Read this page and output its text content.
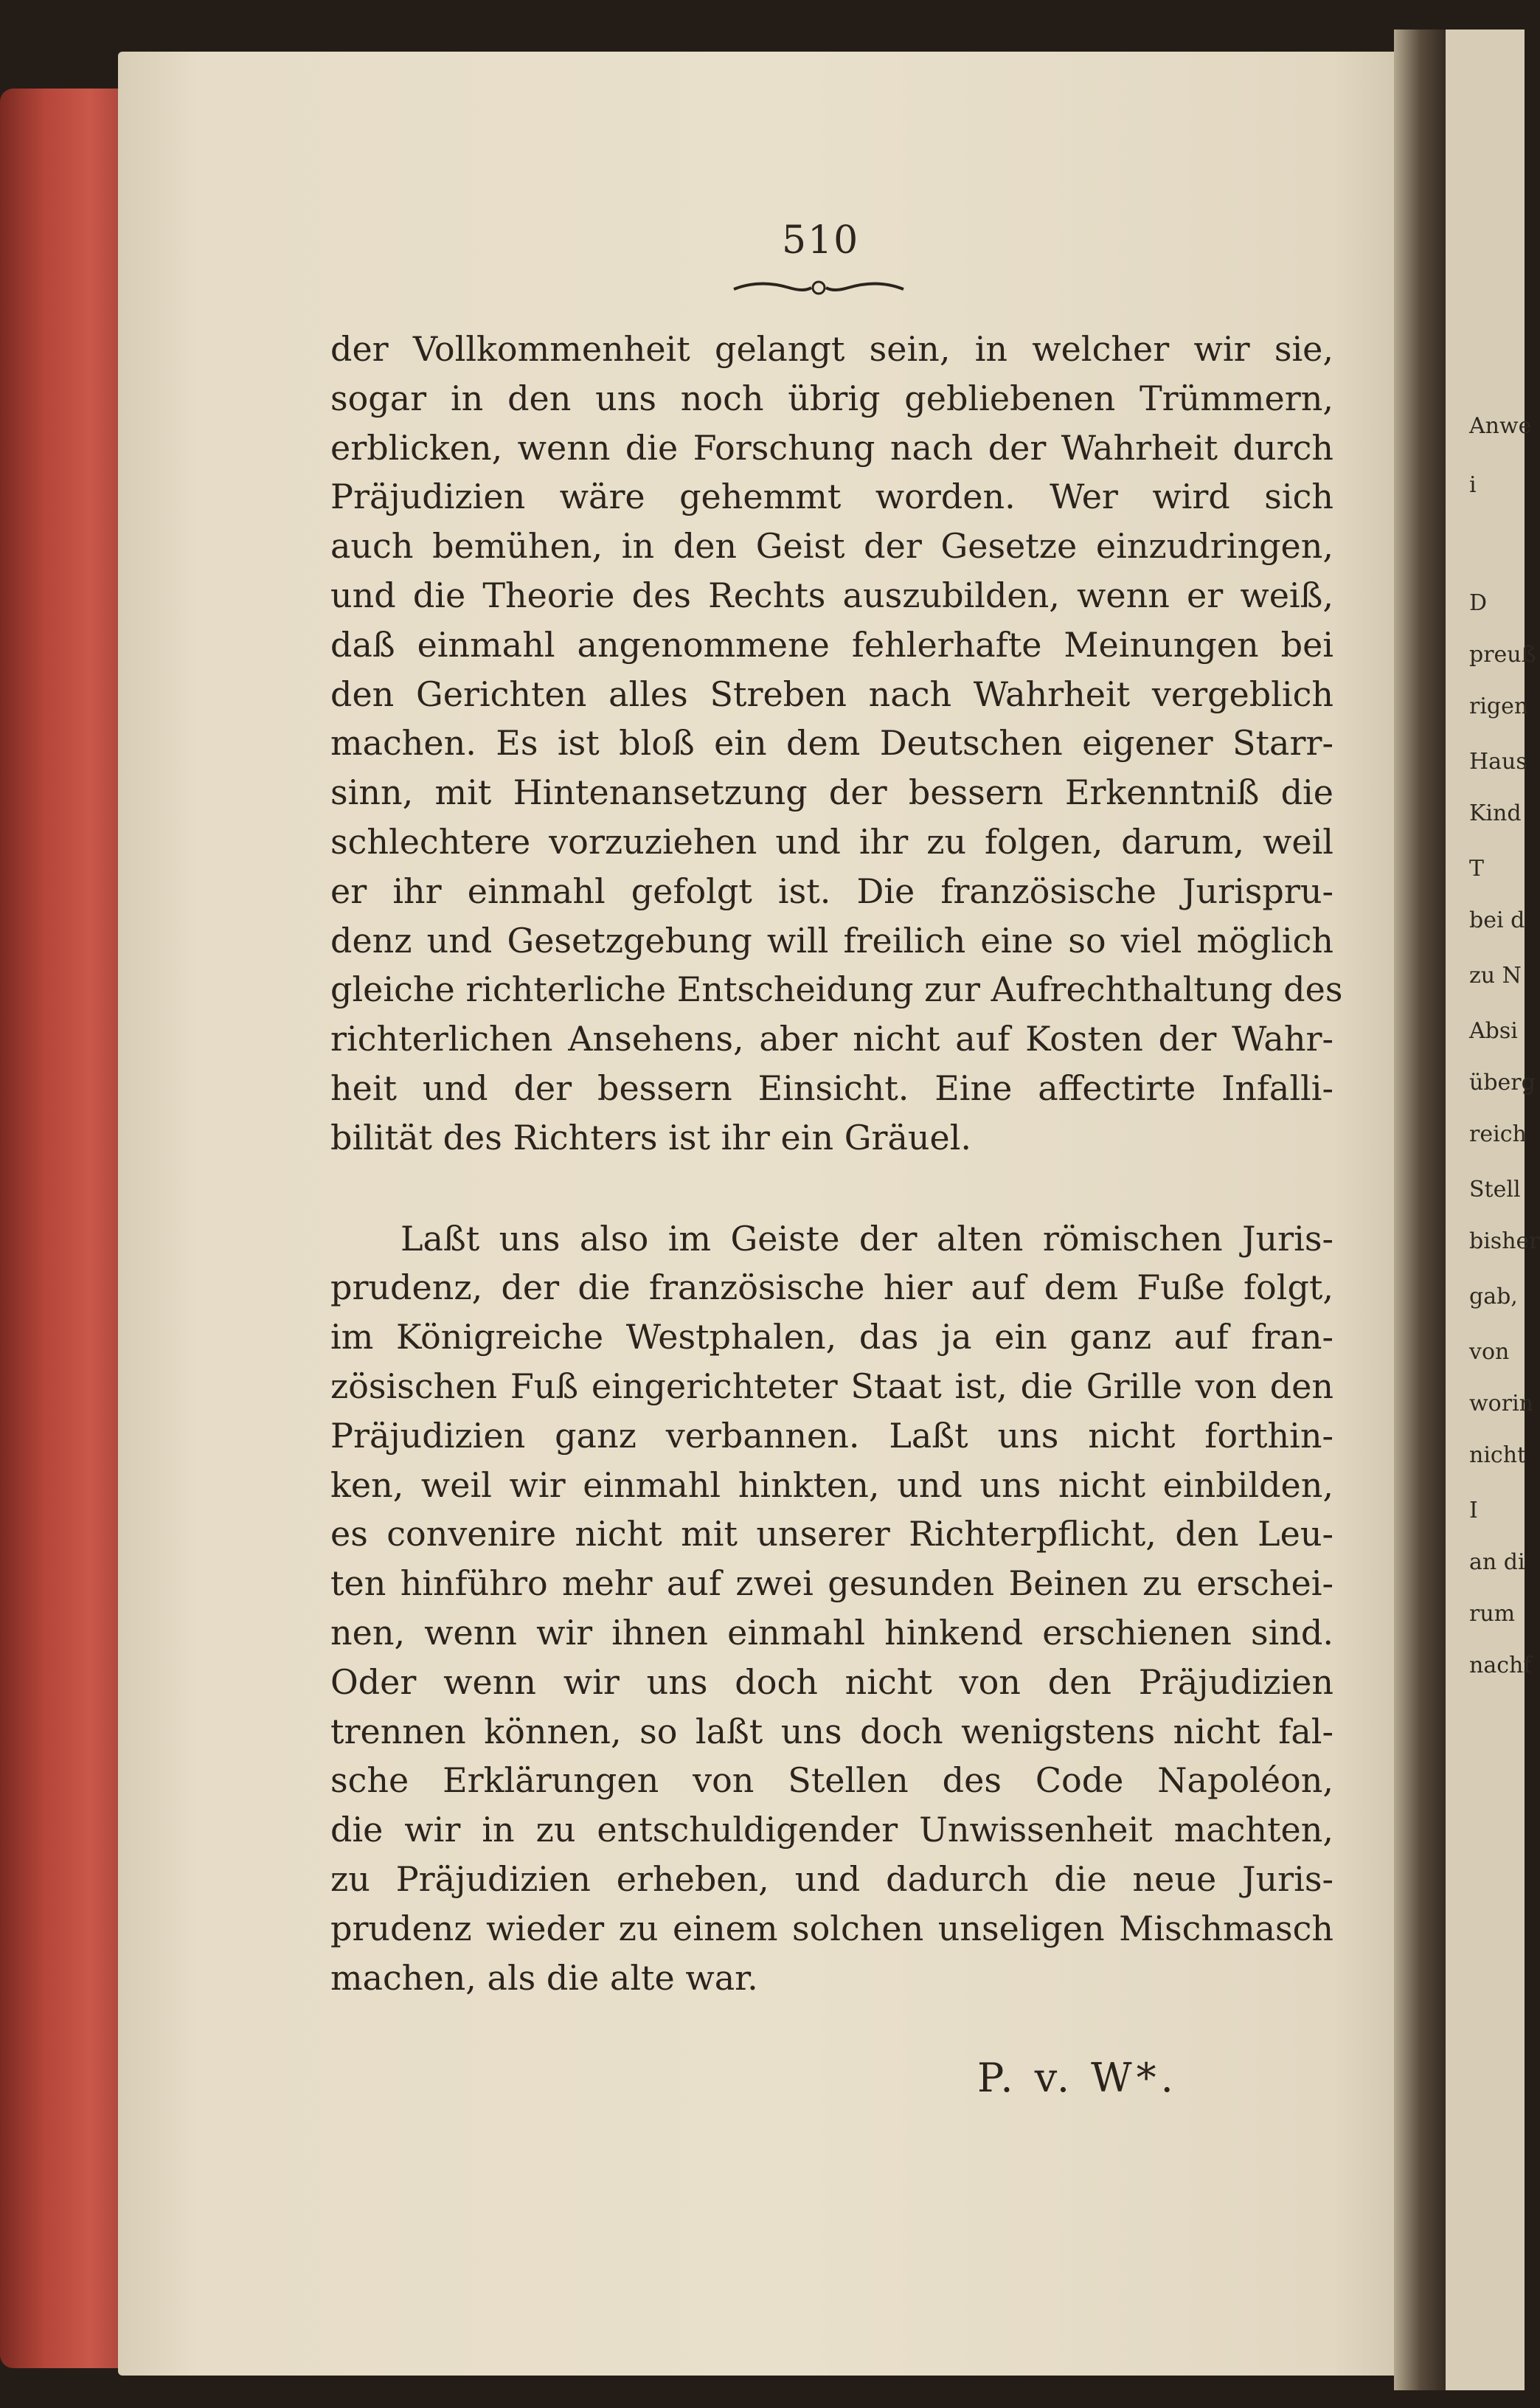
Anwe
i
D
preuß
rigen
Haus
Kind
T
bei d
zu N
Absi
überg
reich
Stell
bisher
gab,
von
worin
nicht
I
an di
rum
nachf
510
der Vollkommenheit gelangt sein, in welcher wir sie,
sogar in den uns noch übrig gebliebenen Trümmern,
erblicken, wenn die Forschung nach der Wahrheit durch
Präjudizien wäre gehemmt worden. Wer wird sich
auch bemühen, in den Geist der Gesetze einzudringen,
und die Theorie des Rechts auszubilden, wenn er weiß,
daß einmahl angenommene fehlerhafte Meinungen bei
den Gerichten alles Streben nach Wahrheit vergeblich
machen. Es ist bloß ein dem Deutschen eigener Starr-
sinn, mit Hintenansetzung der bessern Erkenntniß die
schlechtere vorzuziehen und ihr zu folgen, darum, weil
er ihr einmahl gefolgt ist. Die französische Jurispru-
denz und Gesetzgebung will freilich eine so viel möglich
gleiche richterliche Entscheidung zur Aufrechthaltung des
richterlichen Ansehens, aber nicht auf Kosten der Wahr-
heit und der bessern Einsicht. Eine affectirte Infalli-
bilität des Richters ist ihr ein Gräuel.
Laßt uns also im Geiste der alten römischen Juris-
prudenz, der die französische hier auf dem Fuße folgt,
im Königreiche Westphalen, das ja ein ganz auf fran-
zösischen Fuß eingerichteter Staat ist, die Grille von den
Präjudizien ganz verbannen. Laßt uns nicht forthin-
ken, weil wir einmahl hinkten, und uns nicht einbilden,
es convenire nicht mit unserer Richterpflicht, den Leu-
ten hinführo mehr auf zwei gesunden Beinen zu erschei-
nen, wenn wir ihnen einmahl hinkend erschienen sind.
Oder wenn wir uns doch nicht von den Präjudizien
trennen können, so laßt uns doch wenigstens nicht fal-
sche Erklärungen von Stellen des Code Napoléon,
die wir in zu entschuldigender Unwissenheit machten,
zu Präjudizien erheben, und dadurch die neue Juris-
prudenz wieder zu einem solchen unseligen Mischmasch
machen, als die alte war.
P. v. W*.
